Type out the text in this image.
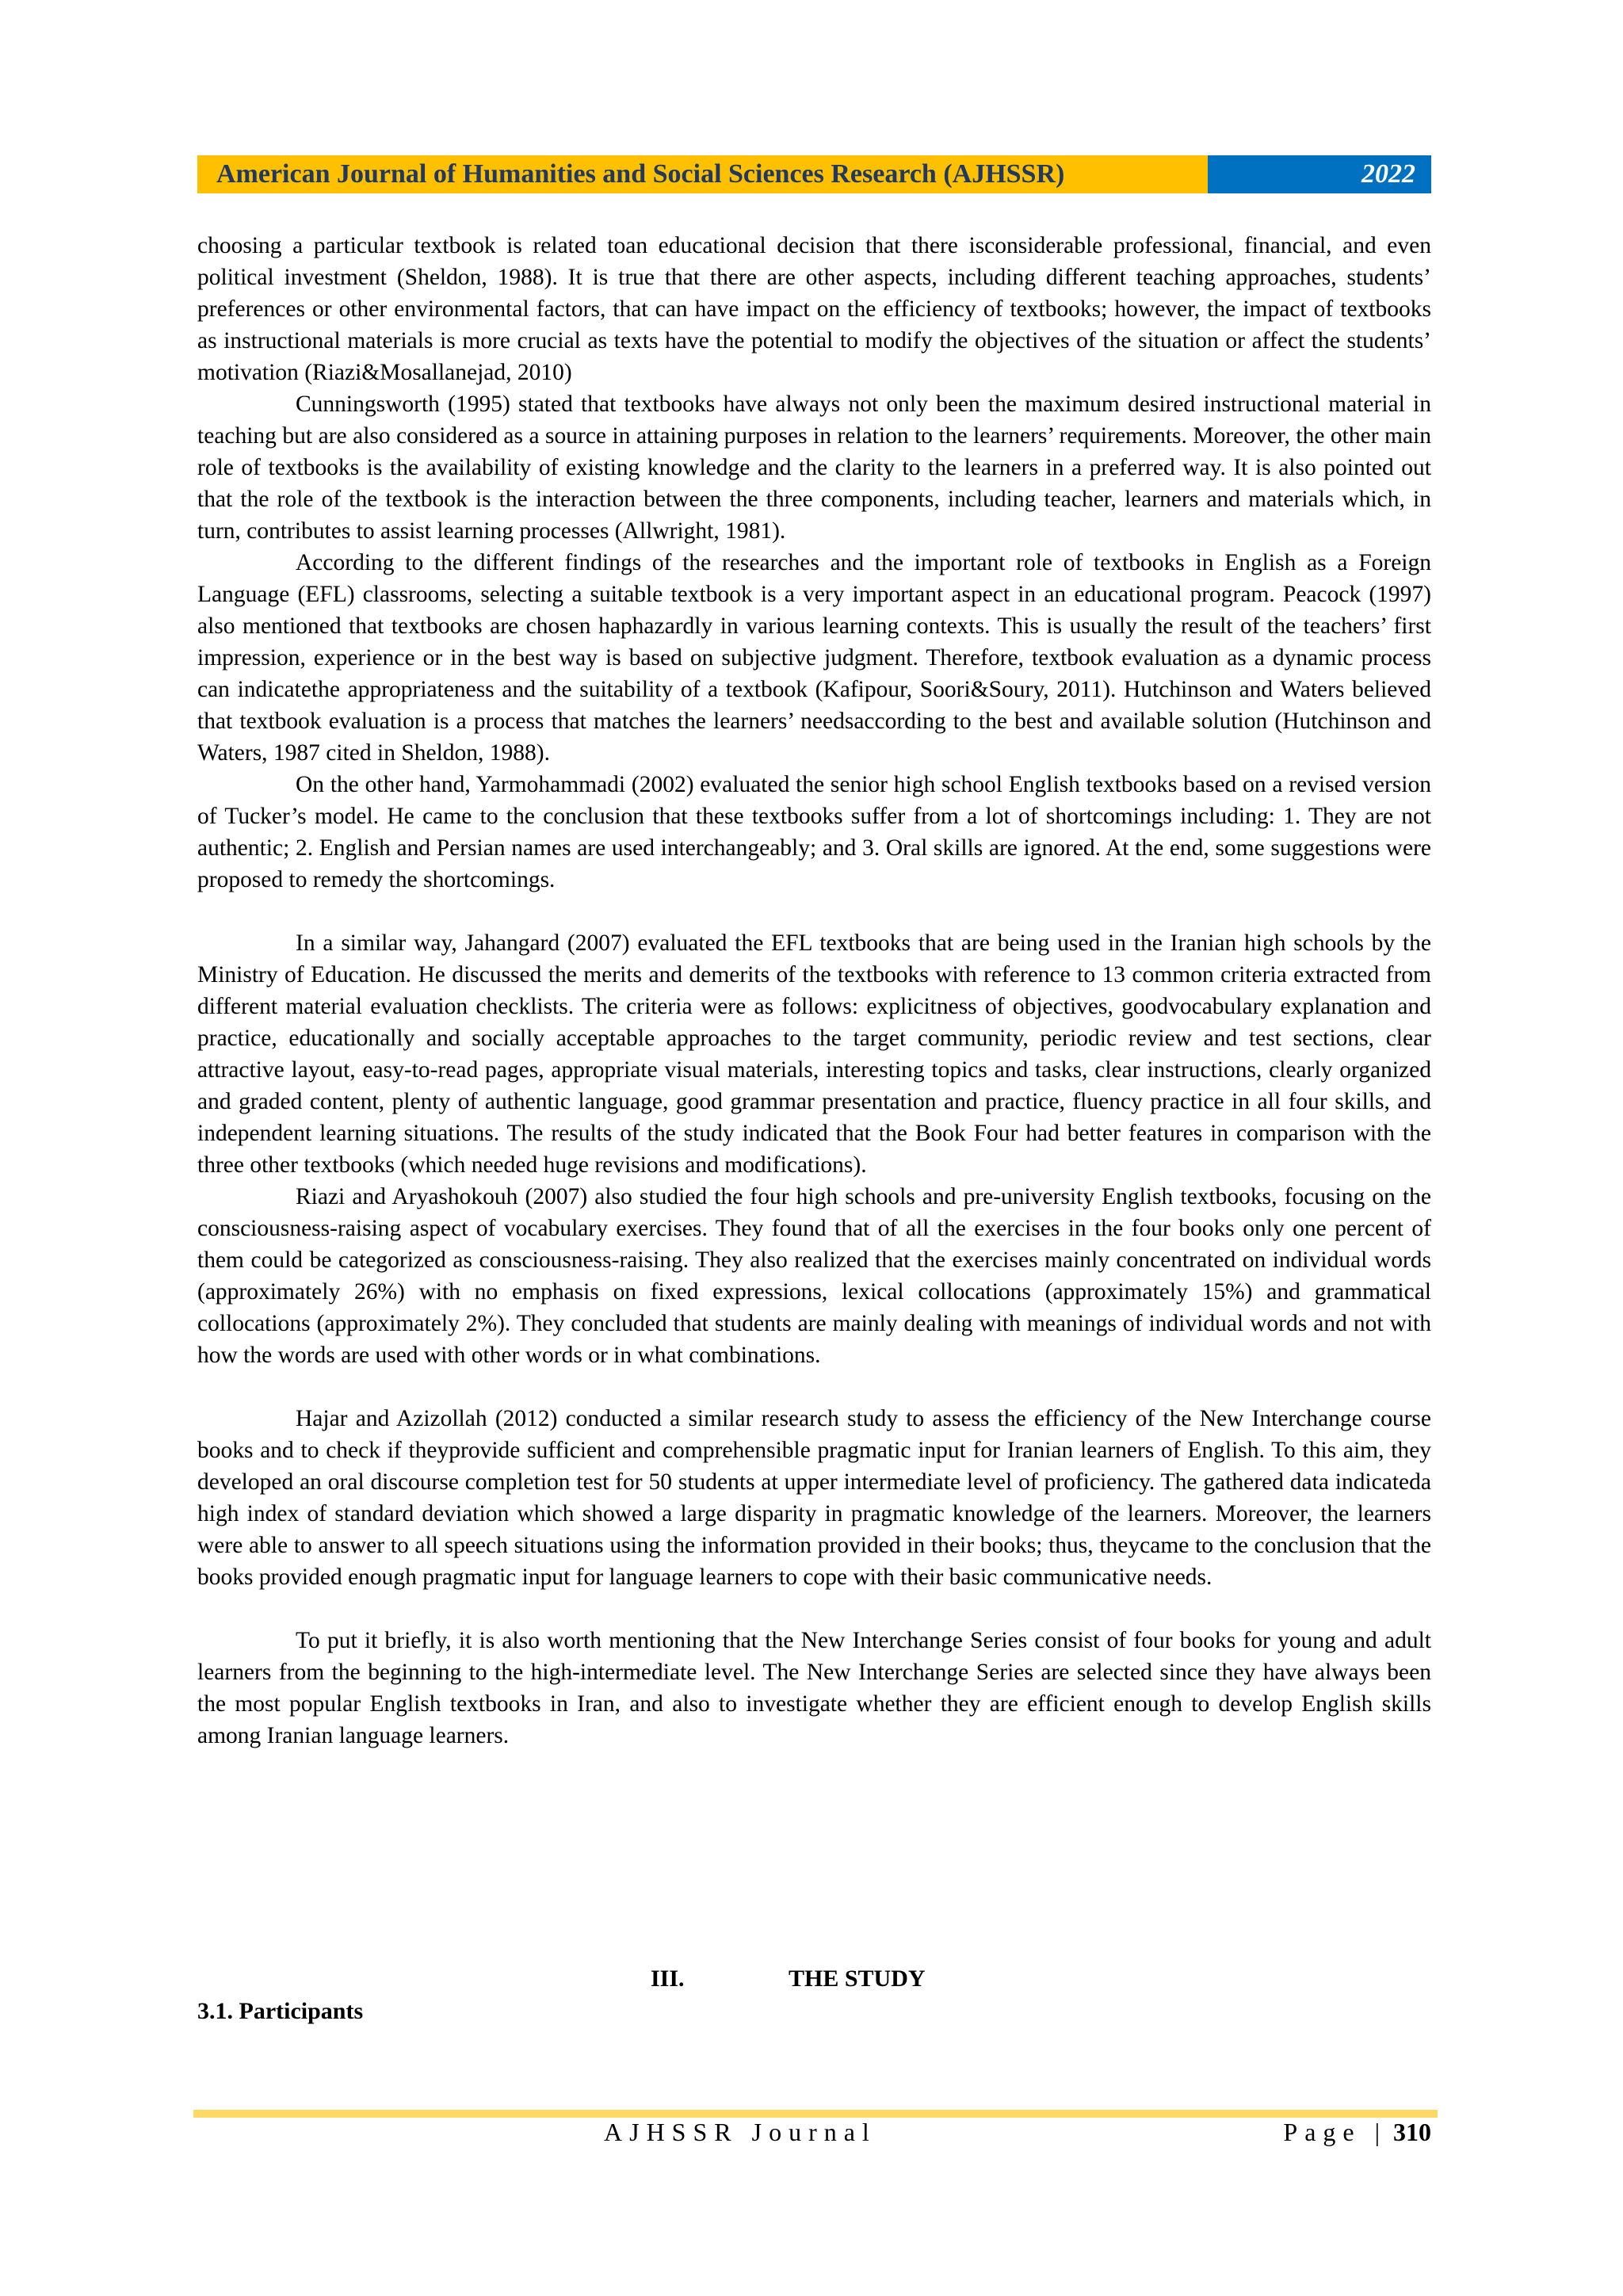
American Journal of Humanities and Social Sciences Research (AJHSSR)	2022

choosing a particular textbook is related toan educational decision that there isconsiderable professional, financial, and even political investment (Sheldon, 1988). It is true that there are other aspects, including different teaching approaches, students’ preferences or other environmental factors, that can have impact on the efficiency of textbooks; however, the impact of textbooks as instructional materials is more crucial as texts have the potential to modify the objectives of the situation or affect the students’ motivation (Riazi&Mosallanejad, 2010)

Cunningsworth (1995) stated that textbooks have always not only been the maximum desired instructional material in teaching but are also considered as a source in attaining purposes in relation to the learners’ requirements. Moreover, the other main role of textbooks is the availability of existing knowledge and the clarity to the learners in a preferred way. It is also pointed out that the role of the textbook is the interaction between the three components, including teacher, learners and materials which, in turn, contributes to assist learning processes (Allwright, 1981).

According to the different findings of the researches and the important role of textbooks in English as a Foreign Language (EFL) classrooms, selecting a suitable textbook is a very important aspect in an educational program. Peacock (1997) also mentioned that textbooks are chosen haphazardly in various learning contexts. This is usually the result of the teachers’ first impression, experience or in the best way is based on subjective judgment. Therefore, textbook evaluation as a dynamic process can indicatethe appropriateness and the suitability of a textbook (Kafipour, Soori&Soury, 2011). Hutchinson and Waters believed that textbook evaluation is a process that matches the learners’ needsaccording to the best and available solution (Hutchinson and Waters, 1987 cited in Sheldon, 1988).

On the other hand, Yarmohammadi (2002) evaluated the senior high school English textbooks based on a revised version of Tucker’s model. He came to the conclusion that these textbooks suffer from a lot of shortcomings including: 1. They are not authentic; 2. English and Persian names are used interchangeably; and 3. Oral skills are ignored. At the end, some suggestions were proposed to remedy the shortcomings.

In a similar way, Jahangard (2007) evaluated the EFL textbooks that are being used in the Iranian high schools by the Ministry of Education. He discussed the merits and demerits of the textbooks with reference to 13 common criteria extracted from different material evaluation checklists. The criteria were as follows: explicitness of objectives, goodvocabulary explanation and practice, educationally and socially acceptable approaches to the target community, periodic review and test sections, clear attractive layout, easy-to-read pages, appropriate visual materials, interesting topics and tasks, clear instructions, clearly organized and graded content, plenty of authentic language, good grammar presentation and practice, fluency practice in all four skills, and independent learning situations. The results of the study indicated that the Book Four had better features in comparison with the three other textbooks (which needed huge revisions and modifications).

Riazi and Aryashokouh (2007) also studied the four high schools and pre-university English textbooks, focusing on the consciousness-raising aspect of vocabulary exercises. They found that of all the exercises in the four books only one percent of them could be categorized as consciousness-raising. They also realized that the exercises mainly concentrated on individual words (approximately 26%) with no emphasis on fixed expressions, lexical collocations (approximately 15%) and grammatical collocations (approximately 2%). They concluded that students are mainly dealing with meanings of individual words and not with how the words are used with other words or in what combinations.

Hajar and Azizollah (2012) conducted a similar research study to assess the efficiency of the New Interchange course books and to check if theyprovide sufficient and comprehensible pragmatic input for Iranian learners of English. To this aim, they developed an oral discourse completion test for 50 students at upper intermediate level of proficiency. The gathered data indicateda high index of standard deviation which showed a large disparity in pragmatic knowledge of the learners. Moreover, the learners were able to answer to all speech situations using the information provided in their books; thus, theycame to the conclusion that the books provided enough pragmatic input for language learners to cope with their basic communicative needs.

To put it briefly, it is also worth mentioning that the New Interchange Series consist of four books for young and adult learners from the beginning to the high-intermediate level. The New Interchange Series are selected since they have always been the most popular English textbooks in Iran, and also to investigate whether they are efficient enough to develop English skills among Iranian language learners.

III.	THE STUDY
3.1. Participants
AJHSSR Journal	Page | 310
